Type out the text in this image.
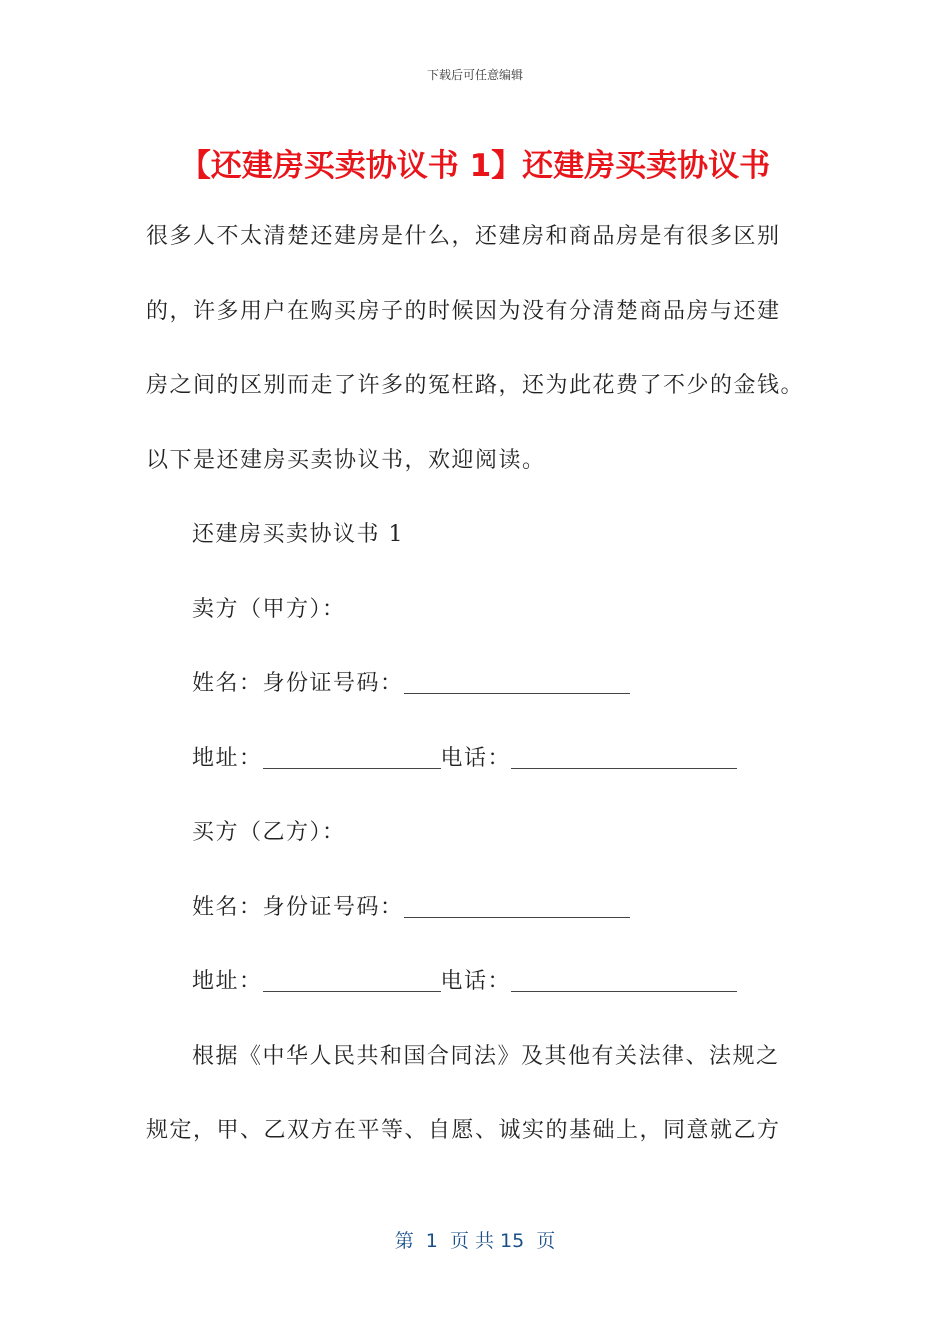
下载后可任意编辑
【还建房买卖协议书 1】还建房买卖协议书
很多人不太清楚还建房是什么，还建房和商品房是有很多区别
的，许多用户在购买房子的时候因为没有分清楚商品房与还建
房之间的区别而走了许多的冤枉路，还为此花费了不少的金钱。
以下是还建房买卖协议书，欢迎阅读。
还建房买卖协议书 1
卖方（甲方）：
姓名：身份证号码：
地址：	电话：
买方（乙方）：
姓名：身份证号码：
地址：	电话：
根据《中华人民共和国合同法》及其他有关法律、法规之
规定，甲、乙双方在平等、自愿、诚实的基础上，同意就乙方
第  1  页 共 15  页
